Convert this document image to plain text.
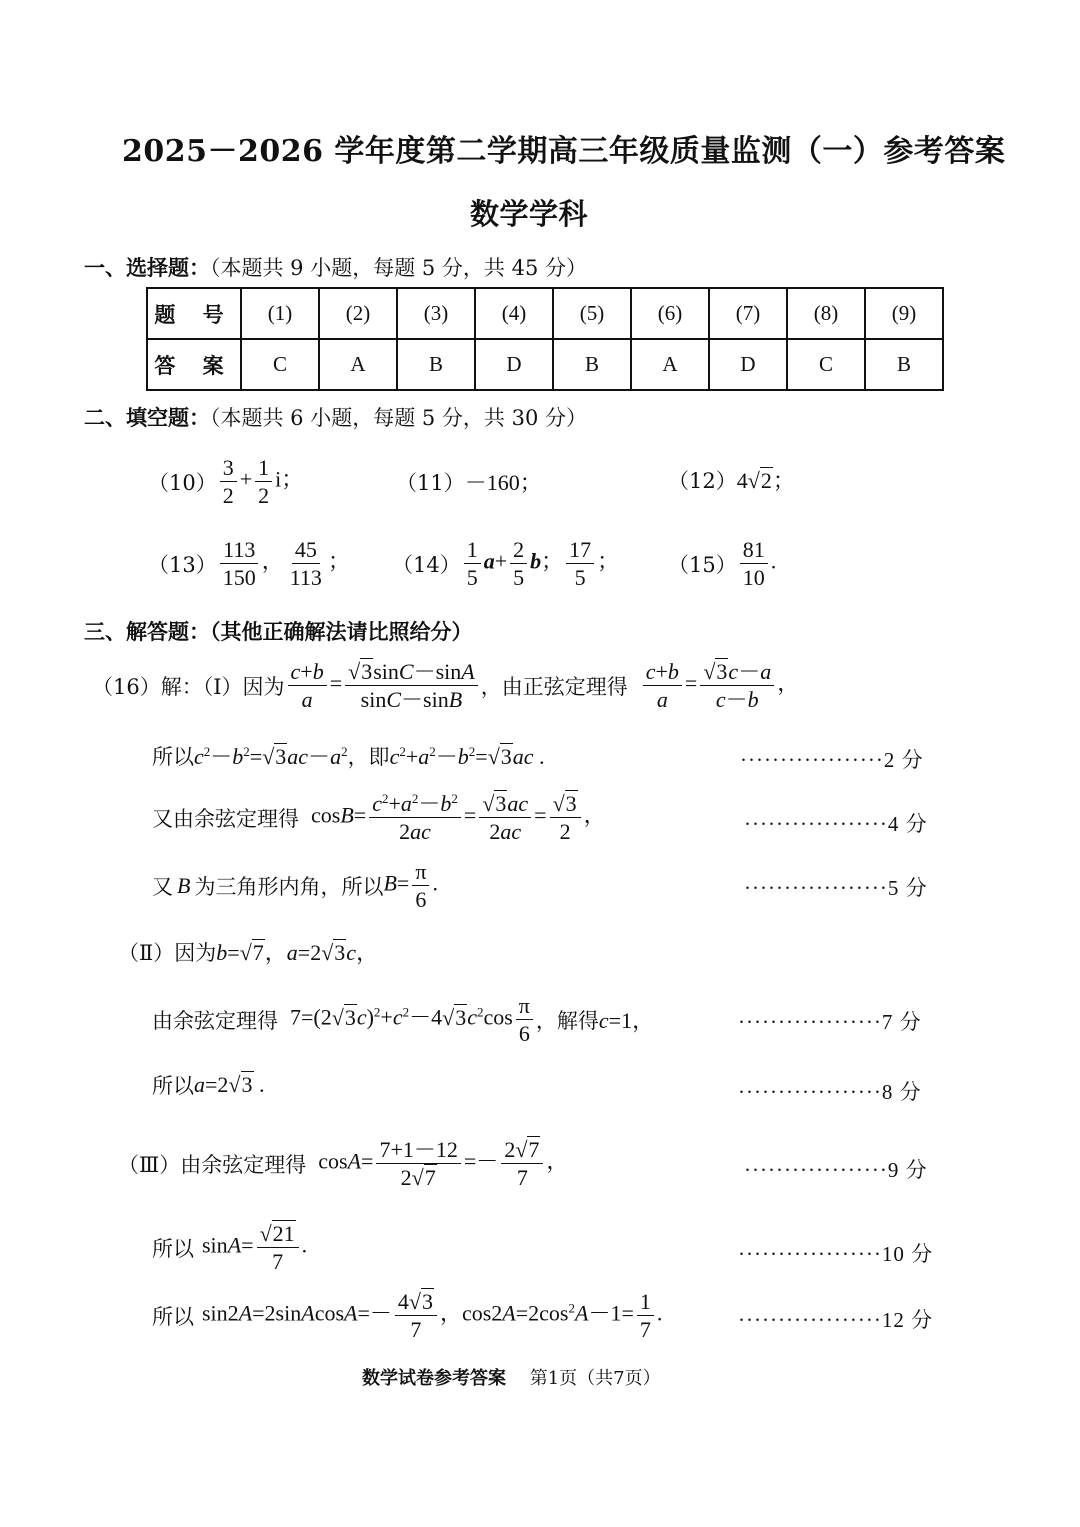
2025－2026 学年度第二学期高三年级质量监测（一）参考答案
数学学科
一、选择题：（本题共 9 小题，每题 5 分，共 45 分）
题 号	(1)	(2)	(3)	(4)	(5)	(6)	(7)	(8)	(9)
答 案	C	A	B	D	B	A	D	C	B
二、填空题：（本题共 6 小题，每题 5 分，共 30 分）
$(10) \frac{3}{2} + \frac{1}{2}$ i；	（11） －160；	（12） 4√2；
$(13) \frac{113}{150}$ ， $\frac{45}{113}$ ； $(14) \frac{1}{5} a+ \frac{2}{5}$ b； $\frac{17}{5}$ ； $(15) \frac{81}{10}$ .
三、解答题：（其他正确解法请比照给分）
（16）解：（Ⅰ）因为 $\frac{c+b}{a} = \frac{√3\sin C-\sin A}{\sin C-\sin B}$ ，由正弦定理得 $\frac{c+b}{a} = \frac{√3c-a}{c-b}$ ，
所以 $c^2-b^2=√3ac-a^2$ ，即 $c^2+a^2-b^2=√3ac$ .	··················2 分
又由余弦定理得 $\cos B= \frac{c^2+a^2-b^2}{2ac} = \frac{√3ac}{2ac} = \frac{√3}{2}$ ，	··················4 分
又 B 为三角形内角，所以 $B= \frac{\pi}{6}$ .	··················5 分
（Ⅱ）因为 b=√7，a=2√3c，
由余弦定理得 $7=(2√3c)^2+c^2-4√3c^2\cos \frac{\pi}{6}$ ，解得 c=1，	··················7 分
所以 a=2√3 .	··················8 分
（Ⅲ）由余弦定理得 $\cos A= \frac{7+1-12}{2√7} =- \frac{2√7}{7}$ ，	··················9 分
所以 $\sin A= \frac{√21}{7}$ .	··················10 分
所以 sin2A=2sinAcosA=－ $\frac{4√3}{7}$ ，$\cos 2A=2\cos^2A-1= \frac{1}{7}$ .	··················12 分
数学试卷参考答案 第1页（共7页）
